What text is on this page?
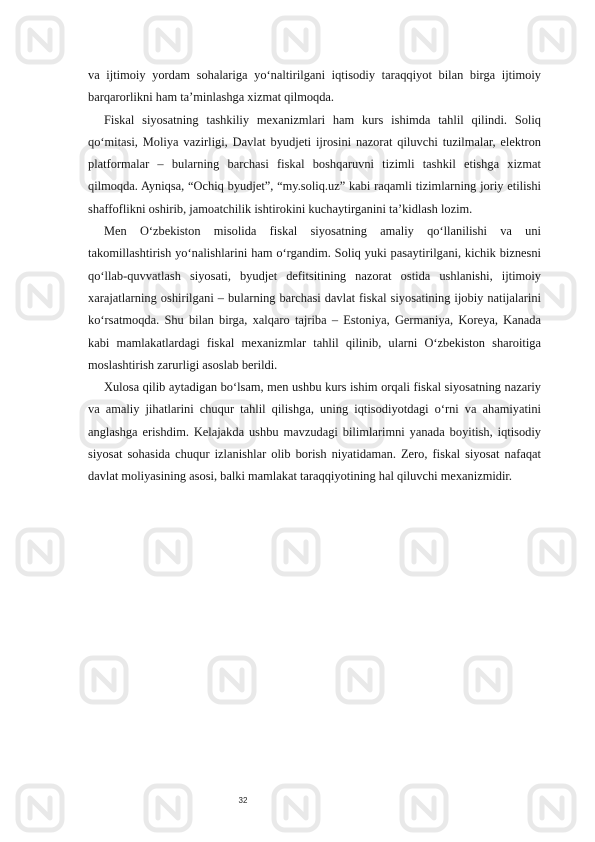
va ijtimoiy yordam sohalariga yo‘naltirilgani iqtisodiy taraqqiyot bilan birga ijtimoiy barqarorlikni ham ta’minlashga xizmat qilmoqda.

Fiskal siyosatning tashkiliy mexanizmlari ham kurs ishimda tahlil qilindi. Soliq qo‘mitasi, Moliya vazirligi, Davlat byudjeti ijrosini nazorat qiluvchi tuzilmalar, elektron platformalar – bularning barchasi fiskal boshqaruvni tizimli tashkil etishga xizmat qilmoqda. Ayniqsa, “Ochiq byudjet”, “my.soliq.uz” kabi raqamli tizimlarning joriy etilishi shaffoflikni oshirib, jamoatchilik ishtirokini kuchaytirganini ta’kidlash lozim.

Men O‘zbekiston misolida fiskal siyosatning amaliy qo‘llanilishi va uni takomillashtirish yo‘nalishlarini ham o‘rgandim. Soliq yuki pasaytirilgani, kichik biznesni qo‘llab-quvvatlash siyosati, byudjet defitsitining nazorat ostida ushlanishi, ijtimoiy xarajatlarning oshirilgani – bularning barchasi davlat fiskal siyosatining ijobiy natijalarini ko‘rsatmoqda. Shu bilan birga, xalqaro tajriba – Estoniya, Germaniya, Koreya, Kanada kabi mamlakatlardagi fiskal mexanizmlar tahlil qilinib, ularni O‘zbekiston sharoitiga moslashtirish zarurligi asoslab berildi.

Xulosa qilib aytadigan bo‘lsam, men ushbu kurs ishim orqali fiskal siyosatning nazariy va amaliy jihatlarini chuqur tahlil qilishga, uning iqtisodiyotdagi o‘rni va ahamiyatini anglashga erishdim. Kelajakda ushbu mavzudagi bilimlarimni yanada boyitish, iqtisodiy siyosat sohasida chuqur izlanishlar olib borish niyatidaman. Zero, fiskal siyosat nafaqat davlat moliyasining asosi, balki mamlakat taraqqiyotining hal qiluvchi mexanizmidir.

32
